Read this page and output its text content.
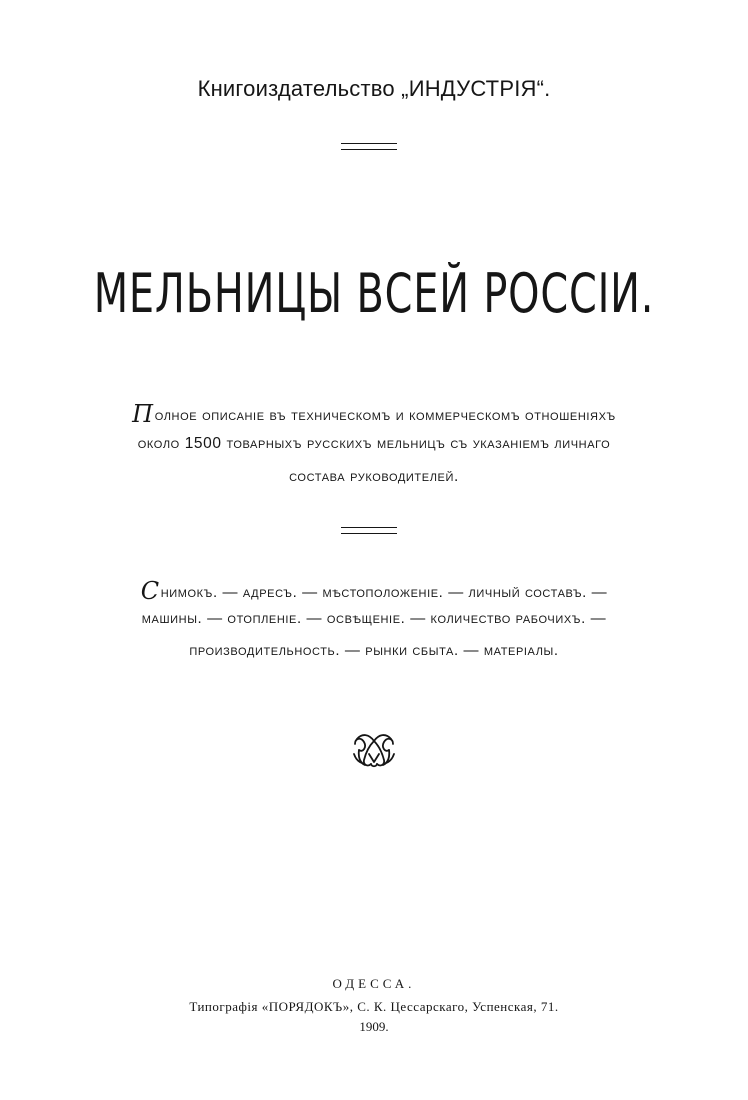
Книгоиздательство „ИНДУСТРІЯ“.
МЕЛЬНИЦЫ ВСЕЙ РОССІИ.
Полное описаніе въ техническомъ и коммерческомъ отношеніяхъ
около 1500 товарныхъ русскихъ мельницъ съ указаніемъ личнаго
состава руководителей.
Снимокъ. — адресъ. — мѣстоположеніе. — личный составъ. —
машины. — отопленіе. — освѣщеніе. — количество рабочихъ. —
производительность. — рынки сбыта. — матеріалы.
ОДЕССА.
Типографія «ПОРЯДОКЪ», С. К. Цессарскаго, Успенская, 71.
1909.
